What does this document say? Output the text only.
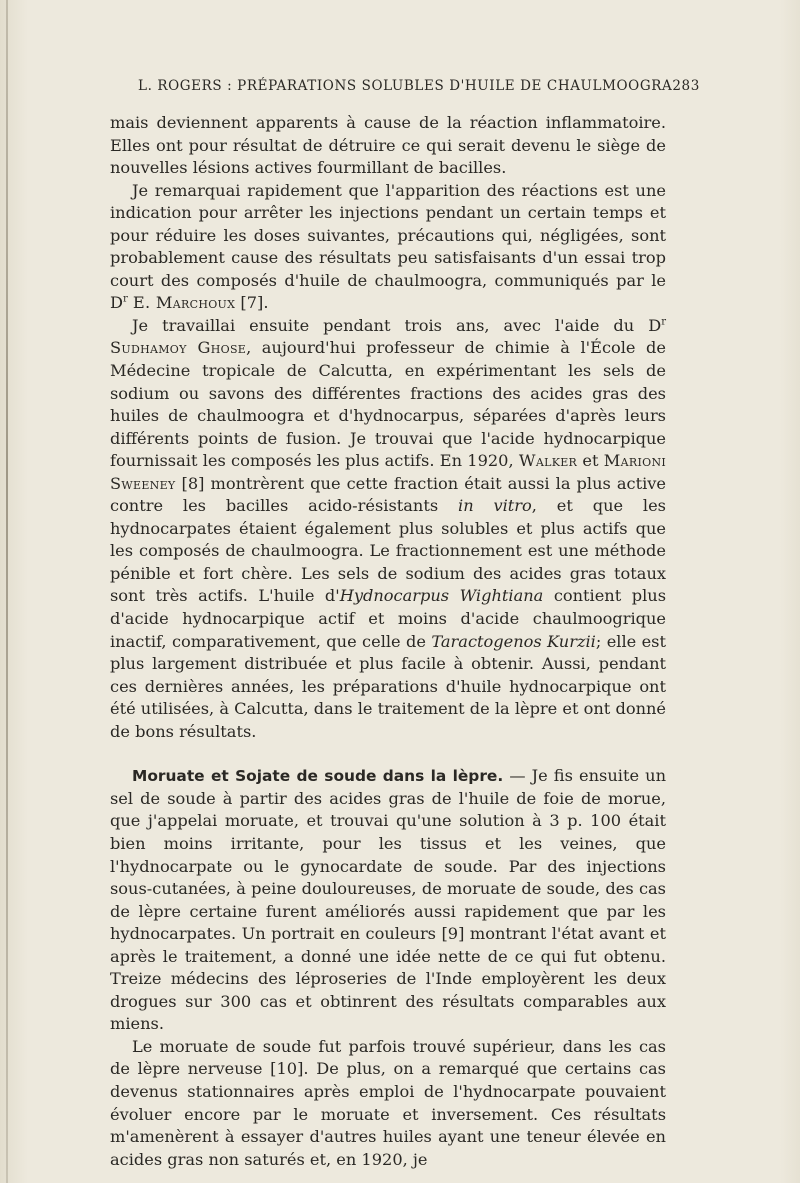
L. ROGERS : PRÉPARATIONS SOLUBLES D'HUILE DE CHAULMOOGRA 283

mais deviennent apparents à cause de la réaction inflammatoire. Elles ont pour résultat de détruire ce qui serait devenu le siège de nouvelles lésions actives fourmillant de bacilles.

Je remarquai rapidement que l'apparition des réactions est une indication pour arrêter les injections pendant un certain temps et pour réduire les doses suivantes, précautions qui, négligées, sont probablement cause des résultats peu satisfaisants d'un essai trop court des composés d'huile de chaulmoogra, communiqués par le $D^r$ E. Marchoux [7].

Je travaillai ensuite pendant trois ans, avec l'aide du $D^r$ Sudhamoy Ghose, aujourd'hui professeur de chimie à l'École de Médecine tropicale de Calcutta, en expérimentant les sels de sodium ou savons des différentes fractions des acides gras des huiles de chaulmoogra et d'hydnocarpus, séparées d'après leurs différents points de fusion. Je trouvai que l'acide hydnocarpique fournissait les composés les plus actifs. En 1920, Walker et Marioni Sweeney [8] montrèrent que cette fraction était aussi la plus active contre les bacilles acido-résistants in vitro, et que les hydnocarpates étaient également plus solubles et plus actifs que les composés de chaulmoogra. Le fractionnement est une méthode pénible et fort chère. Les sels de sodium des acides gras totaux sont très actifs. L'huile d'Hydnocarpus Wightiana contient plus d'acide hydnocarpique actif et moins d'acide chaulmoogrique inactif, comparativement, que celle de Taractogenos Kurzii; elle est plus largement distribuée et plus facile à obtenir. Aussi, pendant ces dernières années, les préparations d'huile hydnocarpique ont été utilisées, à Calcutta, dans le traitement de la lèpre et ont donné de bons résultats.

Moruate et Sojate de soude dans la lèpre. — Je fis ensuite un sel de soude à partir des acides gras de l'huile de foie de morue, que j'appelai moruate, et trouvai qu'une solution à 3 p. 100 était bien moins irritante, pour les tissus et les veines, que l'hydnocarpate ou le gynocardate de soude. Par des injections sous-cutanées, à peine douloureuses, de moruate de soude, des cas de lèpre certaine furent améliorés aussi rapidement que par les hydnocarpates. Un portrait en couleurs [9] montrant l'état avant et après le traitement, a donné une idée nette de ce qui fut obtenu. Treize médecins des léproseries de l'Inde employèrent les deux drogues sur 300 cas et obtinrent des résultats comparables aux miens.

Le moruate de soude fut parfois trouvé supérieur, dans les cas de lèpre nerveuse [10]. De plus, on a remarqué que certains cas devenus stationnaires après emploi de l'hydnocarpate pouvaient évoluer encore par le moruate et inversement. Ces résultats m'amenèrent à essayer d'autres huiles ayant une teneur élevée en acides gras non saturés et, en 1920, je
